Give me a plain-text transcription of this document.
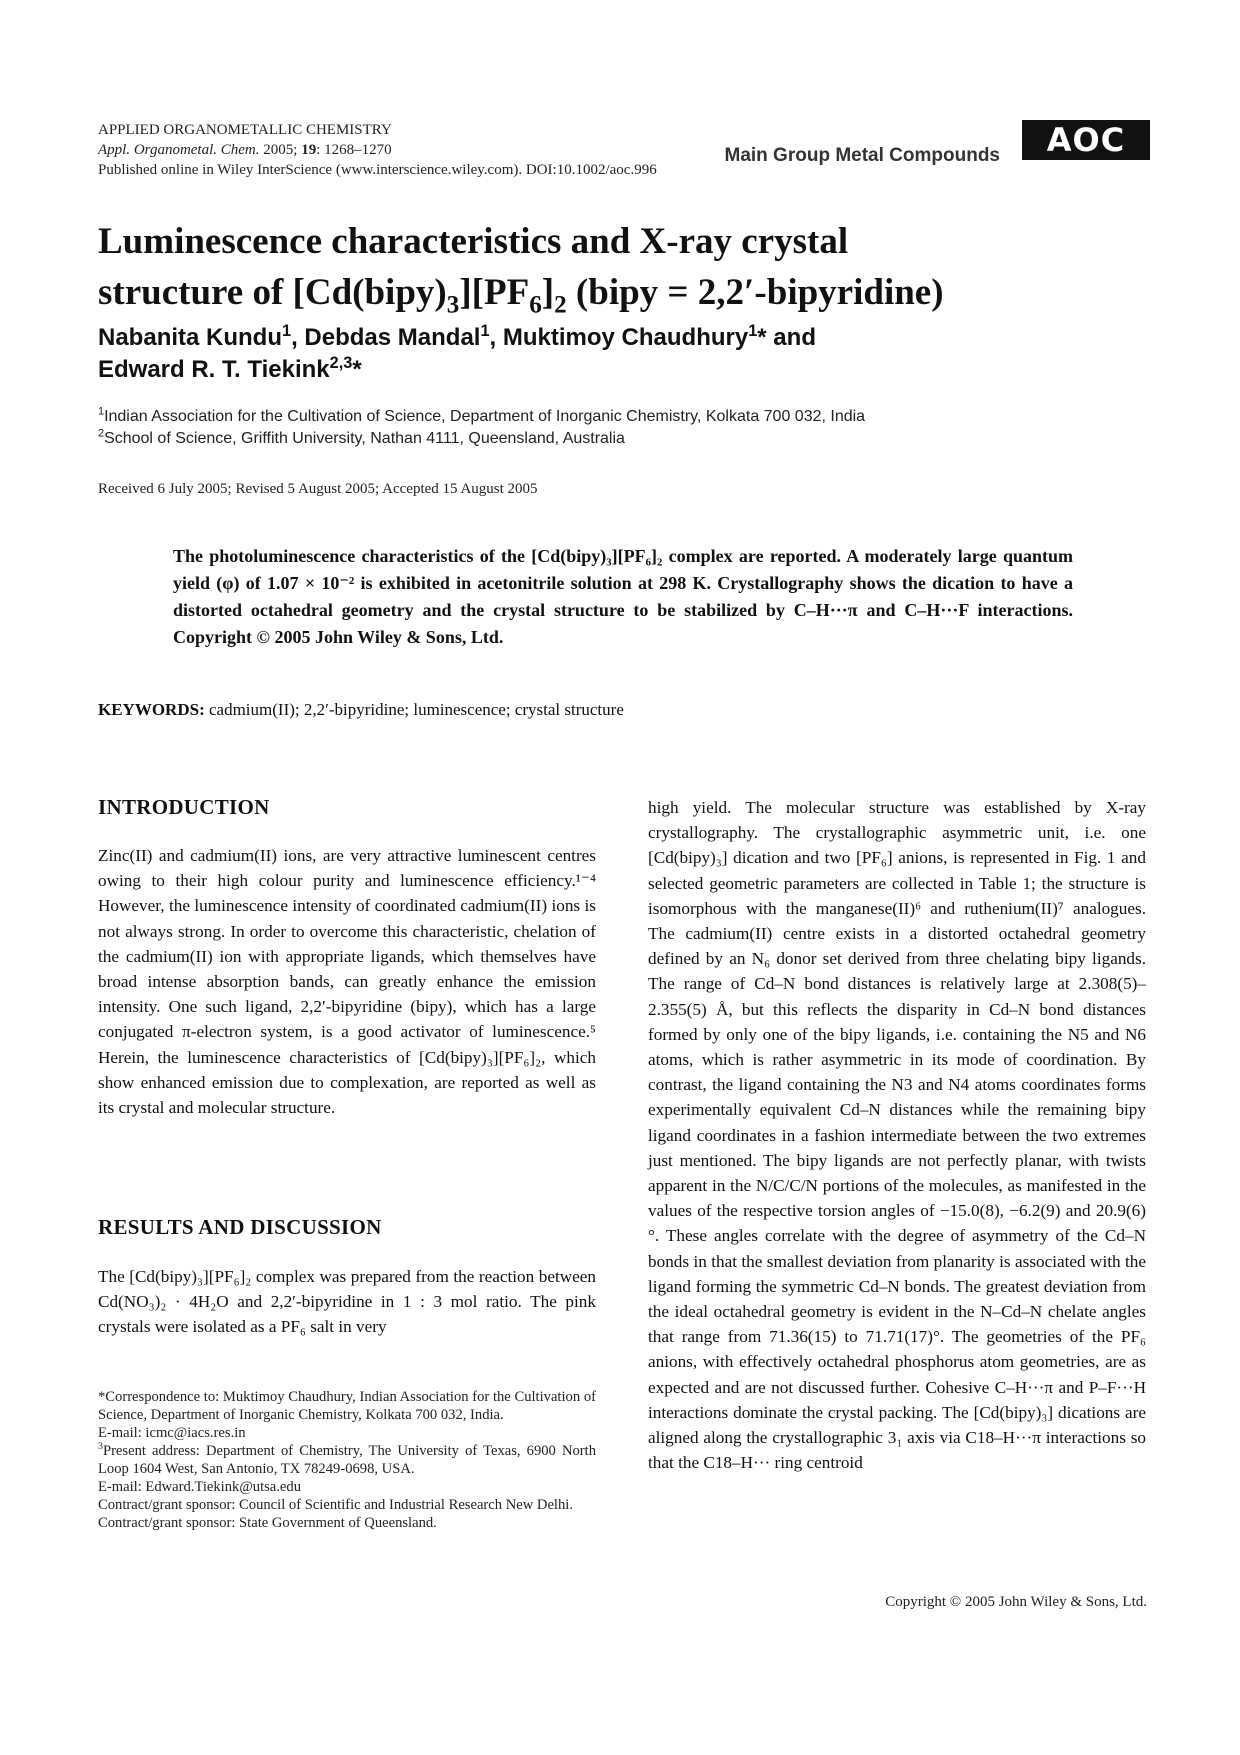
APPLIED ORGANOMETALLIC CHEMISTRY
Appl. Organometal. Chem. 2005; 19: 1268–1270
Published online in Wiley InterScience (www.interscience.wiley.com). DOI:10.1002/aoc.996
Main Group Metal Compounds	AOC
Luminescence characteristics and X-ray crystal
structure of $[Cd(bipy)_3][PF_6]_2$ (bipy = 2,2′-bipyridine)
Nabanita Kundu$^1$, Debdas Mandal$^1$, Muktimoy Chaudhury$^1$* and
Edward R. T. Tiekink$^{2,3}$*
$^1$Indian Association for the Cultivation of Science, Department of Inorganic Chemistry, Kolkata 700 032, India
$^2$School of Science, Griffith University, Nathan 4111, Queensland, Australia
Received 6 July 2005; Revised 5 August 2005; Accepted 15 August 2005

The photoluminescence characteristics of the [Cd(bipy)₃][PF₆]₂ complex are reported. A moderately large quantum yield (φ) of 1.07 × 10⁻² is exhibited in acetonitrile solution at 298 K. Crystallography shows the dication to have a distorted octahedral geometry and the crystal structure to be stabilized by C–H···π and C–H···F interactions. Copyright © 2005 John Wiley & Sons, Ltd.

KEYWORDS: cadmium(II); 2,2′-bipyridine; luminescence; crystal structure
INTRODUCTION

Zinc(II) and cadmium(II) ions, are very attractive luminescent centres owing to their high colour purity and luminescence efficiency.¹⁻⁴ However, the luminescence intensity of coordinated cadmium(II) ions is not always strong. In order to overcome this characteristic, chelation of the cadmium(II) ion with appropriate ligands, which themselves have broad intense absorption bands, can greatly enhance the emission intensity. One such ligand, 2,2′-bipyridine (bipy), which has a large conjugated π-electron system, is a good activator of luminescence.⁵ Herein, the luminescence characteristics of [Cd(bipy)₃][PF₆]₂, which show enhanced emission due to complexation, are reported as well as its crystal and molecular structure.

RESULTS AND DISCUSSION

The [Cd(bipy)₃][PF₆]₂ complex was prepared from the reaction between Cd(NO₃)₂ · 4H₂O and 2,2′-bipyridine in 1 : 3 mol ratio. The pink crystals were isolated as a PF₆ salt in very

*Correspondence to: Muktimoy Chaudhury, Indian Association for the Cultivation of Science, Department of Inorganic Chemistry, Kolkata 700 032, India.

E-mail: icmc@iacs.res.in

$^3$Present address: Department of Chemistry, The University of Texas, 6900 North Loop 1604 West, San Antonio, TX 78249-0698, USA.

E-mail: Edward.Tiekink@utsa.edu

Contract/grant sponsor: Council of Scientific and Industrial Research New Delhi.

Contract/grant sponsor: State Government of Queensland.

high yield. The molecular structure was established by X-ray crystallography. The crystallographic asymmetric unit, i.e. one [Cd(bipy)₃] dication and two [PF₆] anions, is represented in Fig. 1 and selected geometric parameters are collected in Table 1; the structure is isomorphous with the manganese(II)⁶ and ruthenium(II)⁷ analogues. The cadmium(II) centre exists in a distorted octahedral geometry defined by an N₆ donor set derived from three chelating bipy ligands. The range of Cd–N bond distances is relatively large at 2.308(5)–2.355(5) Å, but this reflects the disparity in Cd–N bond distances formed by only one of the bipy ligands, i.e. containing the N5 and N6 atoms, which is rather asymmetric in its mode of coordination. By contrast, the ligand containing the N3 and N4 atoms coordinates forms experimentally equivalent Cd–N distances while the remaining bipy ligand coordinates in a fashion intermediate between the two extremes just mentioned. The bipy ligands are not perfectly planar, with twists apparent in the N/C/C/N portions of the molecules, as manifested in the values of the respective torsion angles of −15.0(8), −6.2(9) and 20.9(6)°. These angles correlate with the degree of asymmetry of the Cd–N bonds in that the smallest deviation from planarity is associated with the ligand forming the symmetric Cd–N bonds. The greatest deviation from the ideal octahedral geometry is evident in the N–Cd–N chelate angles that range from 71.36(15) to 71.71(17)°. The geometries of the PF₆ anions, with effectively octahedral phosphorus atom geometries, are as expected and are not discussed further. Cohesive C–H···π and P–F···H interactions dominate the crystal packing. The [Cd(bipy)₃] dications are aligned along the crystallographic 3₁ axis via C18–H···π interactions so that the C18–H··· ring centroid

Copyright © 2005 John Wiley & Sons, Ltd.
